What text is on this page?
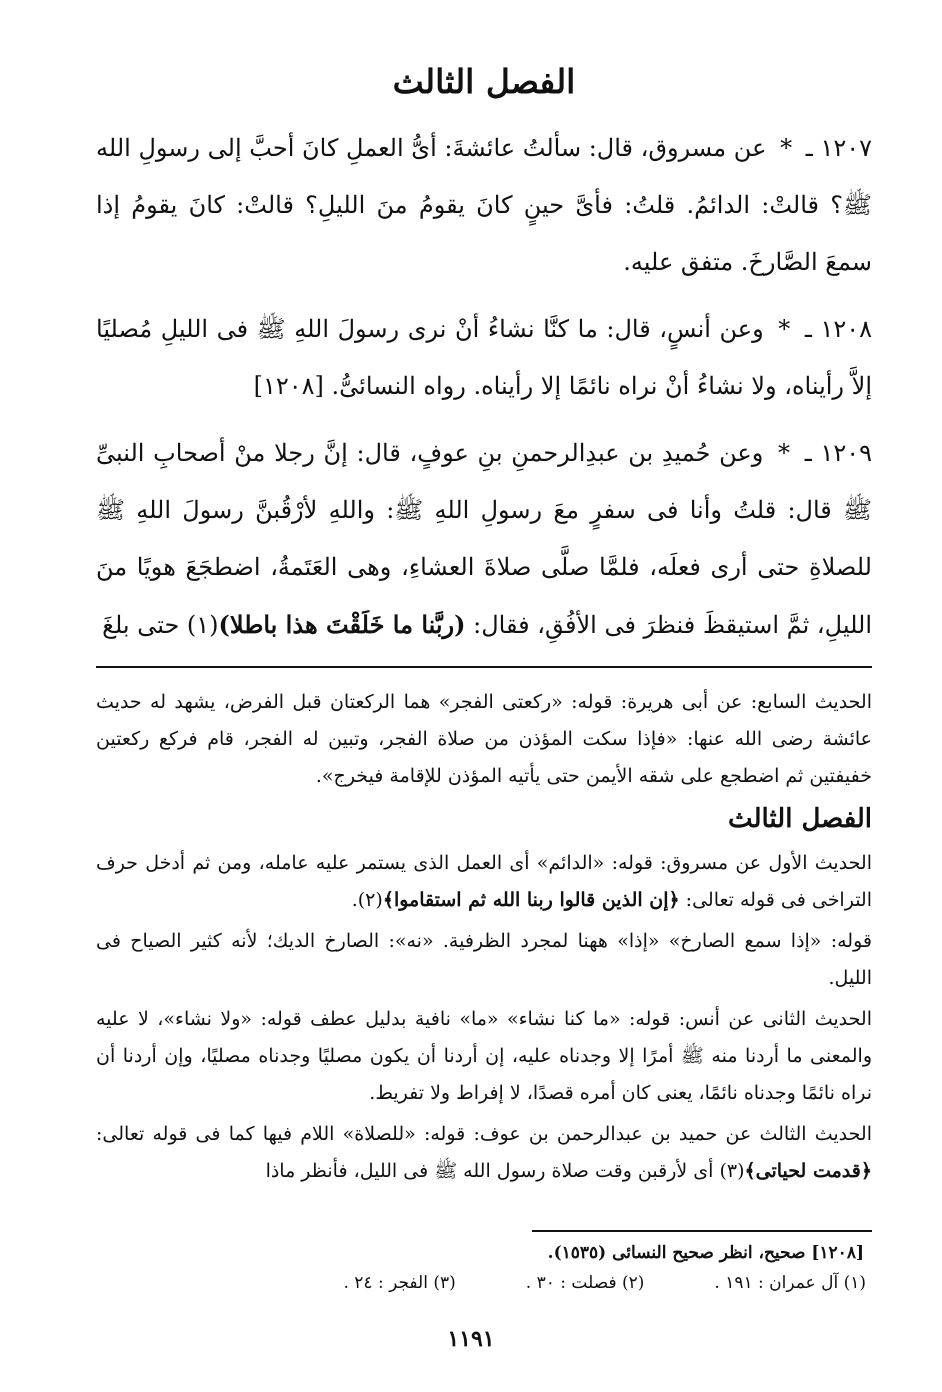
الفصل الثالث

١٢٠٧ ـ * عن مسروق، قال: سألتُ عائشةَ: أىُّ العملِ كانَ أحبَّ إلى رسولِ الله ﷺ؟ قالتْ: الدائمُ. قلتُ: فأىَّ حينٍ كانَ يقومُ منَ الليلِ؟ قالتْ: كانَ يقومُ إذا سمعَ الصَّارخَ. متفق عليه.

١٢٠٨ ـ * وعن أنسٍ، قال: ما كنَّا نشاءُ أنْ نرى رسولَ اللهِ ﷺ فى الليلِ مُصليًا إلاَّ رأيناه، ولا نشاءُ أنْ نراه نائمًا إلا رأيناه. رواه النسائىُّ. [١٢٠٨]

١٢٠٩ ـ * وعن حُميدِ بن عبدِالرحمنِ بنِ عوفٍ، قال: إنَّ رجلا منْ أصحابِ النبىِّ ﷺ قال: قلتُ وأنا فى سفرٍ معَ رسولِ اللهِ ﷺ: واللهِ لأرْقُبنَّ رسولَ اللهِ ﷺ للصلاةِ حتى أرى فعلَه، فلمَّا صلَّى صلاةَ العشاءِ، وهى العَتَمةُ، اضطجَعَ هويًا منَ الليلِ، ثمَّ استيقظَ فنظرَ فى الأفُقِ، فقال: (ربَّنا ما خَلَقْتَ هذا باطلا)(١) حتى بلغَ

الحديث السابع: عن أبى هريرة: قوله: «ركعتى الفجر» هما الركعتان قبل الفرض، يشهد له حديث عائشة رضى الله عنها: «فإذا سكت المؤذن من صلاة الفجر، وتبين له الفجر، قام فركع ركعتين خفيفتين ثم اضطجع على شقه الأيمن حتى يأتيه المؤذن للإقامة فيخرج».

الفصل الثالث

الحديث الأول عن مسروق: قوله: «الدائم» أى العمل الذى يستمر عليه عامله، ومن ثم أدخل حرف التراخى فى قوله تعالى: ﴿إن الذين قالوا ربنا الله ثم استقاموا﴾(٢).

قوله: «إذا سمع الصارخ» «إذا» ههنا لمجرد الظرفية. «نه»: الصارخ الديك؛ لأنه كثير الصياح فى الليل.

الحديث الثانى عن أنس: قوله: «ما كنا نشاء» «ما» نافية بدليل عطف قوله: «ولا نشاء»، لا عليه والمعنى ما أردنا منه ﷺ أمرًا إلا وجدناه عليه، إن أردنا أن يكون مصليًا وجدناه مصليًا، وإن أردنا أن نراه نائمًا وجدناه نائمًا، يعنى كان أمره قصدًا، لا إفراط ولا تفريط.

الحديث الثالث عن حميد بن عبدالرحمن بن عوف: قوله: «للصلاة» اللام فيها كما فى قوله تعالى: ﴿قدمت لحياتى﴾(٣) أى لأرقبن وقت صلاة رسول الله ﷺ فى الليل، فأنظر ماذا

[١٢٠٨] صحيح، انظر صحيح النسائى (١٥٣٥).
(١) آل عمران : ١٩١ .
(٢) فصلت : ٣٠ .
(٣) الفجر : ٢٤ .
١١٩١
